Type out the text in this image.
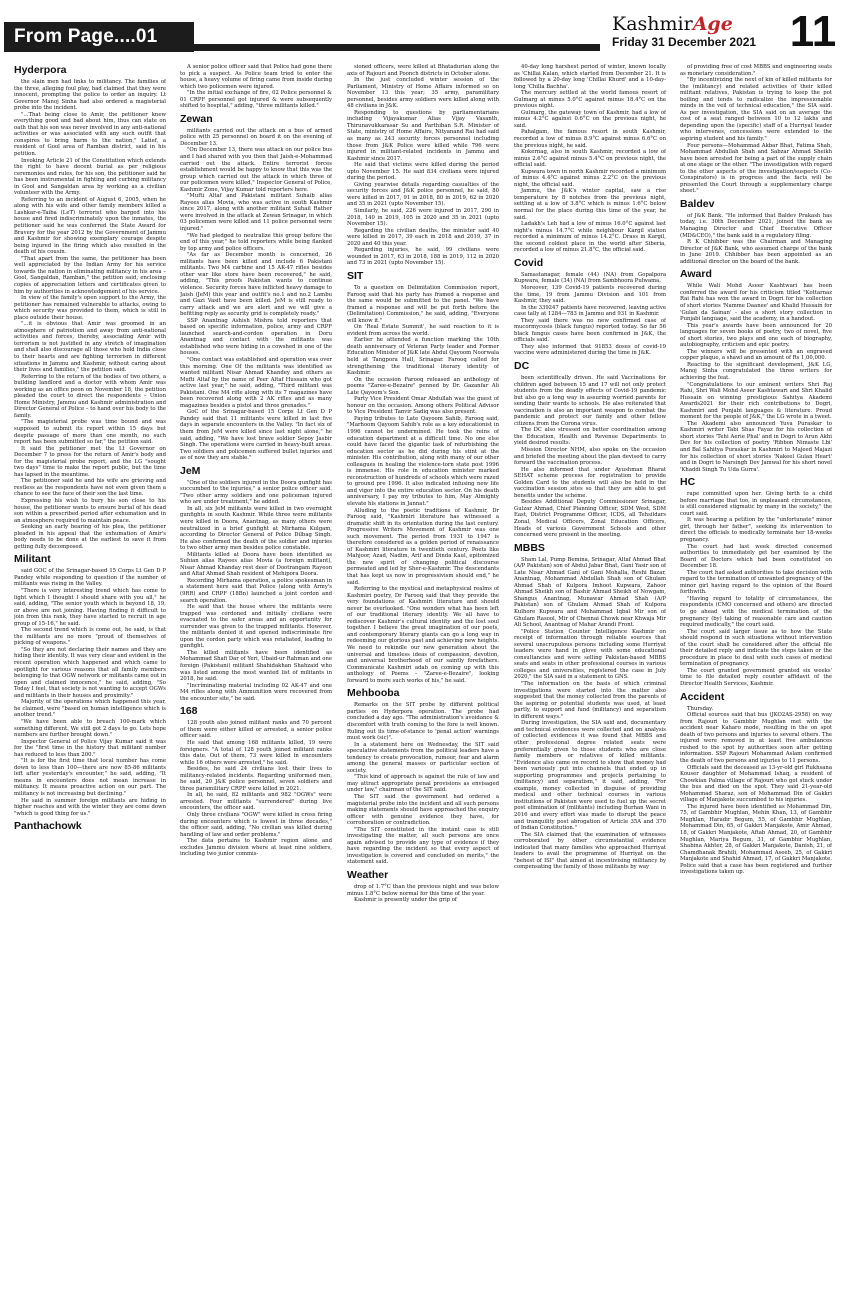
From Page....01
KashmirAge
Friday 31 December 2021 11
Hyderpora

the slain men had links to militancy. The families of the three, alleging foul play, had claimed that they were innocent, prompting the police to order an inquiry. Lt Governor Manoj Sinha had also ordered a magisterial probe into the incident.

"...That being close to Amir, the petitioner knew everything good and bad about him, thus can state on oath that his son was never involved in any anti-national activities or was associated with any such outfit that conspires to bring harm to the nation," Latief, a resident of Gool area of Ramban district, said in his petition.

Invoking Article 21 of the Constitution which extends the right to have decent burial as per religious ceremonies and rules, for his son, the petitioner said he has been instrumental in fighting and curbing militancy in Gool and Sangaldan area by working as a civilian volunteer with the Army.

Referring to an incident of August 6, 2005, when he along with his wife and other family members killed a Lashkar-e-Taiba (LeT) terrorist who barged into his house and fired indiscriminately upon the inmates, the petitioner said he was conferred the State Award for Bravery for the year 2012 by the Government of Jammu and Kashmir for showing exemplary courage despite being injured in the firing which also resulted in the death of his cousin.

"That apart from the same, the petitioner has been well appreciated by the Indian Army for his service towards the nation in eliminating militancy in his area – Gool, Sangaldan, Ramban," the petition said, enclosing copies of appreciation letters and certificates given to him by authorities in acknowledgement of his service.

In view of the family's open support to the Army, the petitioner has remained vulnerable to attacks, owing to which security was provided to them, which is still in place outside their house.

"...it is obvious that Amir was groomed in an atmosphere of patriotism and away from anti-national activities and forces, thereby, associating Amir with terrorism is not justified in any stretch of imagination and shall also discourage all those who hold India close to their hearts and are fighting terrorism in different situations in Jammu and Kashmir, without caring about their lives and families," the petition said.

Referring to the return of the bodies of two others, a building landlord and a doctor with whom Amir was working as an office peon on November 18, the petition pleaded the court to direct the respondents – Union Home Ministry, Jammu and Kashmir administration and Director General of Police – to hand over his body to the family.

"The magisterial probe was time bound and was supposed to submit its report within 15 days but despite passage of more than one month, no such report has been submitted so far," the petition said.

It said the petitioner met the Lt Governor on December 7 to press for the return of Amir's body and for the magisterial probe report, and the LG "sought two days" time to make the report public, but the time has lapsed in the meantime.

The petitioner said he and his wife are grieving and restless as the respondents have not even given them a chance to see the face of their son the last time.

Expressing his wish to bury his son close to his house, the petitioner wants to ensure burial of his dead son within a prescribed period after exhumation and in an atmosphere required to maintain peace.

Seeking an early hearing of his plea, the petitioner pleaded in his appeal that the exhumation of Amir's body needs to be done at the earliest to save it from getting fully decomposed.

Militant

said GOC of the Srinagar-based 15 Corps Lt Gen D P Pandey while responding to question if the number of militants was rising in the Valley.

"There is very interesting trend which has come to light which I thought I should share with you all," he said, adding, "The senior youth which is beyond 18, 19, or above are not joining. Having finding it difficult to join from this rank, they have started to recruit in age group of 15-16," he said.

The second trend which is come out, he said, is that the militants are no more "proud of themselves of picking of weapons."

"So they are not declaring their names and they are hiding their identity. It was very clear and evident in the recent operation which happened and which came to spotlight for various reasons that all family members belonging to that OGW network or militants came out in open and claimed innocence," he said, adding, "So Today I feel, that society is not wanting to accept OGWs and militants in their houses and proximity."

Majority of the operations which happened this year, he claimed, were "based on human intelligence which is another trend."

"We have been able to breach 100-mark which something different. We still got 2 days to go. Lets hope numbers are further brought down."

Inspector General of Police Vijay Kumar said it was for the "first time in the history that militant number has reduced to less than 200."

"It is for the first time that local number has come down to less than 100—there are now 85-86 militants left after yesterday's encounter," he said, adding, "It means in encounters does not mean increase in militancy. It means proactive action on our part. The militancy is not increasing but declining."

He said in summer foreign militants are hiding in higher reaches and with the winter they are come down "which is good thing for us."

Panthachowk

A senior police officer said that Police had gone there to pick a suspect. As Police team tried to enter the house, a heavy volume of firing came from inside during which two policemen were injured.

"In the initial exchange of fire, 02 Police personnel & 01 CRPF personnel got injured & were subsequently shifted to hospital," adding, "three militants killed."

Zewan

militants carried out the attack on a bus of armed police with 25 personnel on board it on the evening of December 13.

"On December 13, there was attack on our police bus and I had shared with you then that Jaish-e-Mohammad carried out the attack. Entire terrorist forces establishment would be happy to know that this was the group which carried out the attack in which three of our policemen were killed," Inspector General of Police, Kashmir Zone, Vijay Kumar told reporters here.

"Mufti Altaf and Pakistani militant Suhaib alias Rayees alias Movia, who was active in south Kashmir since 2017, along with another militant Suhail Rather were involved in the attack at Zewan Srinagar, in which 03 policemen were killed and 11 police personnel were injured."

"We had pledged to neutralize this group before the end of this year," he told reporters while being flanked by top army and police officers.

"As far as December month is concerned, 26 militants have been killed and include 6 Pakistani militants. Two M4 carbine and 15 AK-47 rifles besides other war like store have been recovered," he said, adding, "This proofs Pakistan wants to continue violence. Security forces have inflicted heavy damage to Jaish (JeM) this year and outfit's no.1 and no.2 Lambu and Gazi Vasit have been killed. JeM is still ready to carry attack and we are alert and we will give a befitting reply as security grid is completely ready."

SSP Anantnag Ashish Mishra told reporters that based on specific information, police, army and CRPF launched search-and-cordon operation in Doru Anantnag and contact with the militants was established who were hiding in a cowshed in one of the houses.

"One contact was established and operation was over this morning. One Of the militants was identified as wanted militant Nisar Ahmad Khandey and others as Mufti Altaf by the name of Peer Altaf Hussain who got active last year," he said, adding, "Third militant was Pakistani. One M4 rifle along with its 7 magazines have been recovered along with 2 AK rifles and as many magazines besides a pistol and three grenades."

GoC of the Srinagar-based 15 Corps Lt Gen D P Pandey said that 11 militants were killed in last five days in separate encounters in the Valley. "In fact six of them from JeM were killed since last night alone," he said, adding, "We have lost brave soldier Sepoy Jasbir Singh. The operations were carried in heavy-built areas. Two soldiers and policemen suffered bullet injuries and as of now they are stable."

JeM

"One of the soldiers injured in the Doora gunfight has succumbed to the injuries," a senior police officer said. "Two other army soldiers and one policeman injured who are under treatment," he added.

In all, six JeM militants were killed in two overnight gunfights in south Kashmir. While three were militants were killed in Doora, Anantnag, as many others were neutralized in a brief gunfight at Mirhama Kulgam, according to Director General of Police Dilbag Singh. He also confirmed the death of the soldier and injuries to two other army men besides police constable.

Militants killed at Doora have been identified as Suhian alias Rayees alias Movia (a foreign militant), Nisar Ahmad Khanday rest deer of Dootrangam Rayeon and Altaf Ahmad Shah resident of Mehipora Doora.

Recording Mirhama operation, a police spokesman in a statement here said that Police (along with Army's (9RR) and CRPF (18Bn) launched a joint cordon and search operation.

He said that the house where the militants were trapped was cordoned and initially civilians were evacuated to the safer areas and an opportunity for surrender was given to the trapped militants. However, the militants denied it and opened indiscriminate fire upon the cordon party which was retaliated, leading to gunfight.

The killed militants have been identified as Mohammad Shafi Dar of Yeri, Ubaid-ur Rahman and one foreign (Pakistani) militant Shahidakhan Shahzaid who was listed among the most wanted list of militants in 2018, he said.

"Incriminating material including 02 AK-47 and one M4 rifles along with Ammunition were recovered from the encounter site," he said.

168

128 youth also joined militant ranks and 70 percent of them were either killed or arrested, a senior police officer said.

He said that among 168 militants killed, 19 were foreigners. "A total of 128 youth joined militant ranks this date. Out of them, 73 were killed in encounters while 16 others were arrested," he said.

Besides, he said 24 civilians lost their lives to militancy-related incidents. Regarding uniformed men, he said, 20 J&K police personnel, seven soldiers and three paramilitary CRPF were killed in 2021.

In all, he said, 82 militants and 982 "OGWs" were arrested. Four militants "surrendered" during live encounters, the officer said.

Only three civilians "OGW" were killed in cross firing during encounters which is lowest in three decades," the officer said, adding, "No civilian was killed during handling of law and order problems."

The data pertains to Kashmir region alone and excludes Jammu division where at least nine soldiers, including two junior commis-

sioned officers, were killed at Bhatadurian along the axis of Rajouri and Poonch districts in October alone.

In the just concluded winter session of the Parliament, Ministry of Home Affairs informed so on November 13 this year; 35 army, paramilitary personnel, besides army soldiers were killed along with 48 civilians in J&K.

Responding to questions by parliamentarians including Vijayakumar Alias Vijay Vasanth, Thirunavukkarasar Su and Parthiban S.R. Minister of State, ministry of Home Affairs, Nityanand Rai had said as many as 243 security forces personnel including those from J&K Police were killed while 796 were injured in militant-related incidents in Jammu and Kashmir since 2017.

He said that victims were killed during the period upto November 15. He said 834 civilians were injured during the period.

Giving yearwise details regarding casualties of the security forces and J&K police personnel, he said, 80 were killed in 2017, 91 in 2018, 80 in 2019, 62 in 2020 and 35 in 2021 (upto November 15).

Similarly, he said, 226 were injured in 2017, 290 in 2018, 140 in 2019, 105 in 2020 and 35 in 2021 (upto November 15).

Regarding the civilian deaths, the minister said 40 were killed in 2017, 39 each in 2018 and 2019, 37 in 2020 and 40 this year.

Regarding injuries, he said, 99 civilians were wounded in 2017, 63 in 2018, 188 in 2019, 112 in 2020 and 73 in 2021 (upto November 15).

SIT

To a question on Delimitation Commission report, Farooq said that his party has framed a response and the same would be submitted to the panel. "We have framed a response and will be put forth before the (Delimitation) Commission," he said, adding, "Everyone will know it."

On 'Real Estate Summit', he said reaction to it is evident from across the world.

Earlier he attended a function marking the 10th death anniversary of Veteran Party leader and Former Education Minister of J&K late Abdul Qayoom Noorwala held at Tangpora Hall, Srinagar. Farooq called for strengthening the traditional literary identity of Kashmir.

On the occasion Farooq released an anthology of poems "Zaree-e-Bezaire" penned by Dr. Gazanfar Ali Late Qayoom's Son.

Party Vice President Omar Abdullah was the guest of honour on the occasion. Among others Political Advisor to Vice President Tanvir Sadiq was also present.

Paying tributes to Late Qayoom Sahib, Farooq said, "Marhoom Qayoom Sahib's role as a key educationist in 1996 cannot be undermined. He took the reins of education department at a difficult time. No one else could have faced the gigantic task of refurbishing the education sector as he did during his stint at the minister. His contribution, along with many of our other colleagues in healing the violence-torn state post 1996 is immense. His role in education minister marked reconstruction of hundreds of schools which were razed to ground pre 1996. It also indicated infusing new life and vigor into the entire education sector. On his death anniversary, I pay my tributes to him, May Almighty elevate his stations in Jannat."

Alluding to the poetic traditions of Kashmir, Dr Farooq said, "Kashmiri literature has witnessed a dramatic shift in its orientation during the last century. Progressive Writers Movement of Kashmir was one such movement. The period from 1931 to 1947 is therefore considered as a golden period of renaissance of Kashmiri literature in twentieth century. Poets like Mahjoor, Azad, Nadim, Arif and Dinda Kaul, epitomized the new spirit of changing political discourse permeated and led by Sher-e-Kashmir. The descendants that has kept us now in progressivism should end," he said.

Referring to the mystical and metaphysical realms of Kashmiri poetry, Dr Farooq said that they provide the very foundations of Kashmiri literature and should never be overlooked. "One wonders what has been left of our traditional literary identity. We all have to rediscover Kashmir's cultural identity and the lost soul together. I believe the great imagination of our poets, and contemporary literary giants can go a long way in redeeming our glorious past and achieving new heights. We need to rekindle our new generation about the universal and timeless ideas of compassion, devotion, and universal brotherhood of our saintly forefathers. Communicate Kashmiri adab on coming up with this anthology of Poems – "Zaree-e-Bezaire", looking forward to more such works of his," he said.

Mehbooba

Remarks on the SIT probe by different political parties on Hyderpora operation. The probe had concluded a day ago. "The administration's avoidance & discomfort with truth coming to the fore is well known. Ruling out its time-of-stance to 'penal action' warnings must work (sic)".

In a statement here on Wednesday, the SIT said speculative statements from the political leaders have a tendency to create provocation, rumour, fear and alarm among the general masses or particular section of society.

"This kind of approach is against the rule of law and may attract appropriate penal provisions as envisaged under law," chairman of the SIT said.

The SIT said the government had ordered a magisterial probe into the incident and all such persons making statements should have approached the enquiry officer with genuine evidence they have, for corroboration or contradiction.

"The SIT constituted in the instant case is still investigating the matter, all such persons are once again advised to provide any type of evidence if they have regarding the incident so that every aspect of investigation is covered and concluded on merits," the statement said.

Weather

drop of 1.7°C than the previous night and was below minus 1.8°C below normal for this time of the year.

Kashmir is presently under the grip of

40-day long harshest period of winter, known locally as 'Chillai Kalan, which started from December 21. It is followed by a 20-day long 'Chillai Khurd' and a 10-day-long 'Chilla Bachha'.

The mercury settled at the world famous resort of Gulmarg at minus 5.0°C against minus 18.4°C on the previous night.

Gulmarg, the gateway town of Kashmir, had a low of minus 4.2°C against 0.6°C on the previous night, he said.

Pahalgam, the famous resort in south Kashmir, recorded a low of minus 8.9°C against minus 6.6°C on the previous night, he said.

Kokernag, also in south Kashmir, recorded a low of minus 2.6°C against minus 5.4°C on previous night, the official said.

Kupwara town in north Kashmir recorded a minimum of minus 4.4°C against minus 2.2°C on the previous night, the official said.

Jammu, the J&K's winter capital, saw a rise temperature by 8 notches from the previous night, settling at a low of 3.8°C which is minus 1.6°C below normal for the place during this time of the year, he said.

Ladakh's Leh had a low of minus 16.0°C against last night's minus 14.7°C while neighbour Kargil station recorded a minimum of minus 14.2°C. Drass in Kargil, the second coldest place in the world after Siberia, recorded a low of minus 21.8°C, the official said.

Covid

Samastanagar, female (44) (NA) from Gopalpora Kupwara, female (34) (NA) from Sambhoora Pulwama.

Moreover, 139 Covid-19 patients recovered during the time, 19 from Jammu Division and 101 from Kashmir, they said.

In the 339247 patients have recovered, leaving active case tally at 1284—783 in Jammu and 931 in Kashmir.

They said there was no new confirmed case of mucormycosis (black fungus) reported today. So far 56 black fungus cases have been confirmed in J&K, the officials said.

They also informed that 91853 doses of covid-19 vaccine were administered during the time in J&K.

DC

been scientifically driven. He said Vaccinations for children aged between 15 and 17 will not only protect students from the deadly effects of Covid-19 pandemic but also go a long way in assuring worried parents for sending their wards to schools. He also reiterated that vaccination is also an important weapon to combat the pandemic and protect our family and other fellow citizens from the Corona virus.

The DC also stressed on better coordination among the Education, Health and Revenue Departments to yield desired results.

Mission Director NHM, also spoke on the occasion and briefed the meeting about the plan devised to carry forward the vaccination process.

He also informed that under Ayushman Bharat SEHAT scheme process for registration to provide Golden Card to the students will also be held in the vaccination session sites so that they are able to get benefits under the scheme.

Besides Additional Deputy Commissioner Srinagar, Gulzar Ahmad, Chief Planning Officer, SDM West, SDM East, District Programme Officer, ICDS, all Tehsildars Zonal, Medical Officers, Zonal Education Officers, Heads of various Government Schools and other concerned were present in the meeting.

MBBS

Sham Lal, Pump Bemina, Srinagar, Altaf Ahmad Bhat (A/P Pakistan) son of Abdul Jabar Bhat, Gani Yasir son of Late Nisar Ahmad Gani of Gani Mohalla, Reshi Bazar, Anantnag, Mohammad Abdullah Shah son of Ghulam Ahmad Shah of Kulpora Imhoot Kupwara, Zahoor Ahmad Sheikh son of Bashir Ahmad Sheikh of Nowgam, Shangus Anantnag, Munawar Ahmad Shah (A/P Pakistan) son of Ghulam Ahmad Shah of Kulpora Kulhore Kupwara and Mohammad Iqbal Mir son of Ghulam Rasool, Mir of Chennai Chowk near Khwaja Mir Ali School, Anantnag of Mahar Arandi Front.

"Police Station Counter Intelligence Kashmir on receipt of information through reliable sources that several unscrupulous persons including some Hurriyat leaders were hand in glove with some educational consultancies and were selling Pakistan-based MBBS seats and seats in other professional courses in various colleges and universities, registered the case in July 2020," the SIA said in a statement to GNS.

"The information on the basis of which criminal investigations were started into the matter also suggested that the money collected from the parents of the aspiring or potential students was used, at least partly, to support and fund (militancy) and separatism in different ways."

During investigation, the SIA said and, documentary and technical evidences were collected and on analysis of collected evidences it was found that MBBS and other professional degree related seats were preferentially given to those students who are close family members or relatives of killed militants. "Evidence also came on record to show that money had been variously put into channels that ended up in supporting programmes and projects pertaining to (militancy) and separatism," it said, adding, "For example, money collected in disguise of providing medical and other technical courses in various institutions of Pakistan were used to fuel up the secret post elimination of (militants) including Burhan Wani in 2016 and every effort was made to disrupt the peace and tranquility post abrogation of Article 35A and 370 of Indian Constitution."

The SIA claimed that the examination of witnesses corroborated by other circumstantial evidence indicated that many families who approached Hurriyat leaders to avail the programme of Hurriyat on the "behest of ISI" that aimed at incentivising militancy by compensating the family of those militants by way

of providing free of cost MBBS and engineering seats as monetary consideration."

"By incentivizing the next of kin of killed militants for the (militancy) and related activities of their killed militant relatives, Pakistan is trying to keep the pot boiling and tends to radicalize the impressionable minds in the veil of technical education," the SIA said. As per investigation, the SIA said on an average the cost of a seat ranged between 10 to 12 lakhs and depending upon the (specific) staff of a Hurriyat leader who intervenes, concessions were extended to the aspiring student and his family."

Four persons—Mohammad Akbar Bhat, Fatima Shah, Mohammad Abdullah Shah and Sabzar Ahmad Sheikh have been arrested for being a part of the supply chain at one stage or the other. "The investigation with regard to the other aspects of the investigation/suspects (Co-Conspirators) is in progress and the facts will be presented the Court through a supplementary charge sheet."

Baldev

of J&K Bank. "He informed that Baldev Prakash has today, i.e. 30th December 2021, joined the bank as Managing Director and Chief Executive Officer (MD&CEO)," the bank said in a regulatory filing.

R K Chhibber was the Chairman and Managing Director of J&K Bank, who assumed charge of the bank in June 2019. Chhibber has been appointed as an additional director on the board of the bank.

Award

While Wali Mohd Aseer Kashtwari has been conferred the award for his criticism titled "Kottarnaz Rai Rahi has won the award in Dogri for his collection of short stories 'Namme Daanee' and Khalid Hussain for 'Gulan da Sainan' - also a short story collection in Punjabi language, said the academy, in a handout.

This year's awards have been announced for 20 languages for seven books of poetry, two of novel, five of short stories, two plays and one each of biography, autobiography, criticism and epic poetry.

The winners will be presented with an engraved copper plaque, a shawl and an amount of Rs 1,00,000.

Reacting to the significant development, J&K LG, Manoj Sinha congratulated the three writers for achieving the feat.

"Congratulations to our eminent writers Shri Raj Rahi, Shri Wali Mohd Aseer Kashtawari and Shri Khalid Hussain on winning prestigious Sahitya Akademi Awards2021 for their rich contributions to Dogri, Kashmiri and Punjabi languages & literature. Proud moment for the people of J&K," the LG wrote in a tweet.

The Akademi also announced Yuva Puraskar to Kashmiri writer Tabi Shas Fayaz for his collection of short stories 'Tehi Aerie Phal' and in Dogri to Arun Akhi Dev for his collection of poetry 'Ribbon Nimaste Lbi' and Bal Sahitya Puraskar in Kashmiri to Majeed Majazi for his collection of short stories 'Nakeel Gulan Heart' and in Dogri to Narsingh Dev Jamwal for his short novel 'Khaddi Singh Tu Uda Gurra'.

HC

rape committed upon her. Giving birth to a child before marriage that too, in unpleasant circumstances, is still considered stigmatic by many in the society," the court said.

It was hearing a petition by the "unfortunate" minor girl, through her father", seeking its intervention to direct the officials to medically terminate her 18-weeks pregnancy.

The court had last week directed concerned authorities to immediately get her examined by the Board of Doctors which had been constituted on December 18.

The court had asked authorities to take decision with regard to the termination of unwanted pregnancy of the minor girl having regard to the opinion of the Board forthwith.

"Having regard to totality of circumstances, the respondents (CMO concerned and others) are directed to go ahead with the medical termination of the pregnancy (by) taking of reasonable care and caution required medically," the court said.

The court said larger issue as to how the State should respond in such situations without intervention of the court shall be considered after the official file their detailed reply and indicate the steps taken or the procedure in place to deal with such cases of medical termination of pregnancy.

The court granted government granted six weeks' time to file detailed reply counter affidavit of the Director Health Services, Kashmir.

Accident

Thursday.

Official sources said that bus (JKO2AS-2958) on way from Rajouri to Gambhir Mughlan met with the accident near Kaharo mode, resulting in the on spot death of two persons and injuries to several others. The injured were removed in at least five ambulances rushed to the spot by authorities soon after getting information. SSP Rajouri Mohammad Aslam confirmed the death of two persons and injuries to 11 persons.

Officials said the deceased as 13-yr-old girl Rukhsana Kouser daughter of Mohammad Ishaq, a resident of Chowkian Palma village of Rajouri who got stuck under the bus and died on the spot. They said 21-year-old Mohammad Sharaz, son of Mohammad Din of Gakkri village of Manjakote succumbed to his injuries.

The injured have been identified as Mohammad Din, 75, of Gambhir Mughlan, Mehin Khan, 13, of Gambhir Mughlan, Haradir Begum, 55, of Gambhir Mughlan, Mohammad Din, 65, of Gakkri Manjakote, Amir Ahmad, 18, of Gakkri Manjakote, Aftab Ahmad, 20, of Gambhir Mughlan, Mariya Begum, 31, of Gambhir Mughlan, Shabina Akhter, 28, of Gakkri Manjakote, Danish, 21, of Chamdhanak Brahili, Mohammad Aseeb, 25, of Gakkri Manjakote and Shahid Ahmad, 17, of Gakkri Manjakote. Police said that a case has been registered and further investigations taken up.
